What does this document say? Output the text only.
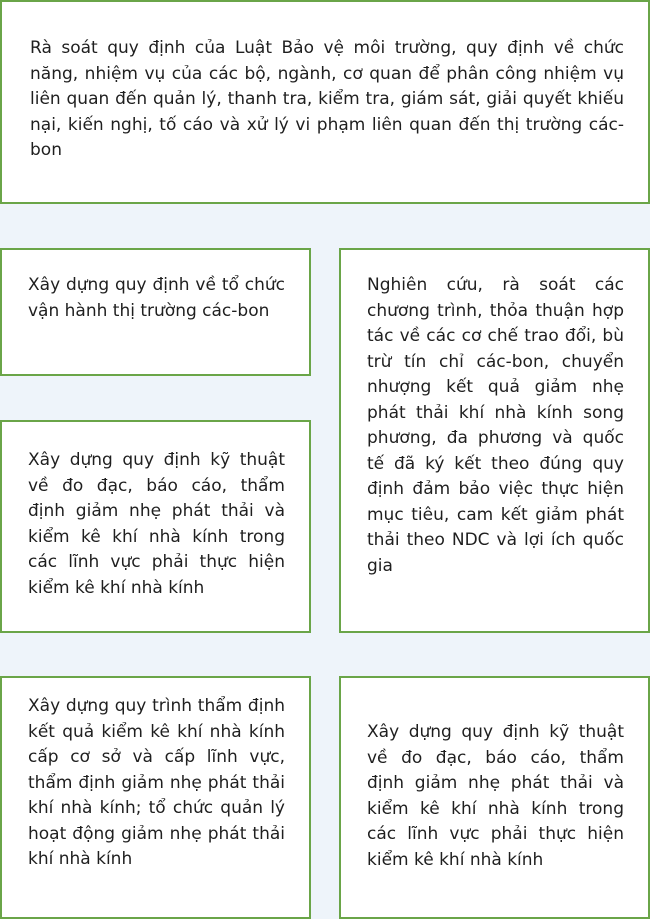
Rà soát quy định của Luật Bảo vệ môi trường, quy định về chức năng, nhiệm vụ của các bộ, ngành, cơ quan để phân công nhiệm vụ liên quan đến quản lý, thanh tra, kiểm tra, giám sát, giải quyết khiếu nại, kiến nghị, tố cáo và xử lý vi phạm liên quan đến thị trường các-bon

Xây dựng quy định về tổ chức vận hành thị trường các-bon

Nghiên cứu, rà soát các chương trình, thỏa thuận hợp tác về các cơ chế trao đổi, bù trừ tín chỉ các-bon, chuyển nhượng kết quả giảm nhẹ phát thải khí nhà kính song phương, đa phương và quốc tế đã ký kết theo đúng quy định đảm bảo việc thực hiện mục tiêu, cam kết giảm phát thải theo NDC và lợi ích quốc gia

Xây dựng quy định kỹ thuật về đo đạc, báo cáo, thẩm định giảm nhẹ phát thải và kiểm kê khí nhà kính trong các lĩnh vực phải thực hiện kiểm kê khí nhà kính

Xây dựng quy trình thẩm định kết quả kiểm kê khí nhà kính cấp cơ sở và cấp lĩnh vực, thẩm định giảm nhẹ phát thải khí nhà kính; tổ chức quản lý hoạt động giảm nhẹ phát thải khí nhà kính

Xây dựng quy định kỹ thuật về đo đạc, báo cáo, thẩm định giảm nhẹ phát thải và kiểm kê khí nhà kính trong các lĩnh vực phải thực hiện kiểm kê khí nhà kính
